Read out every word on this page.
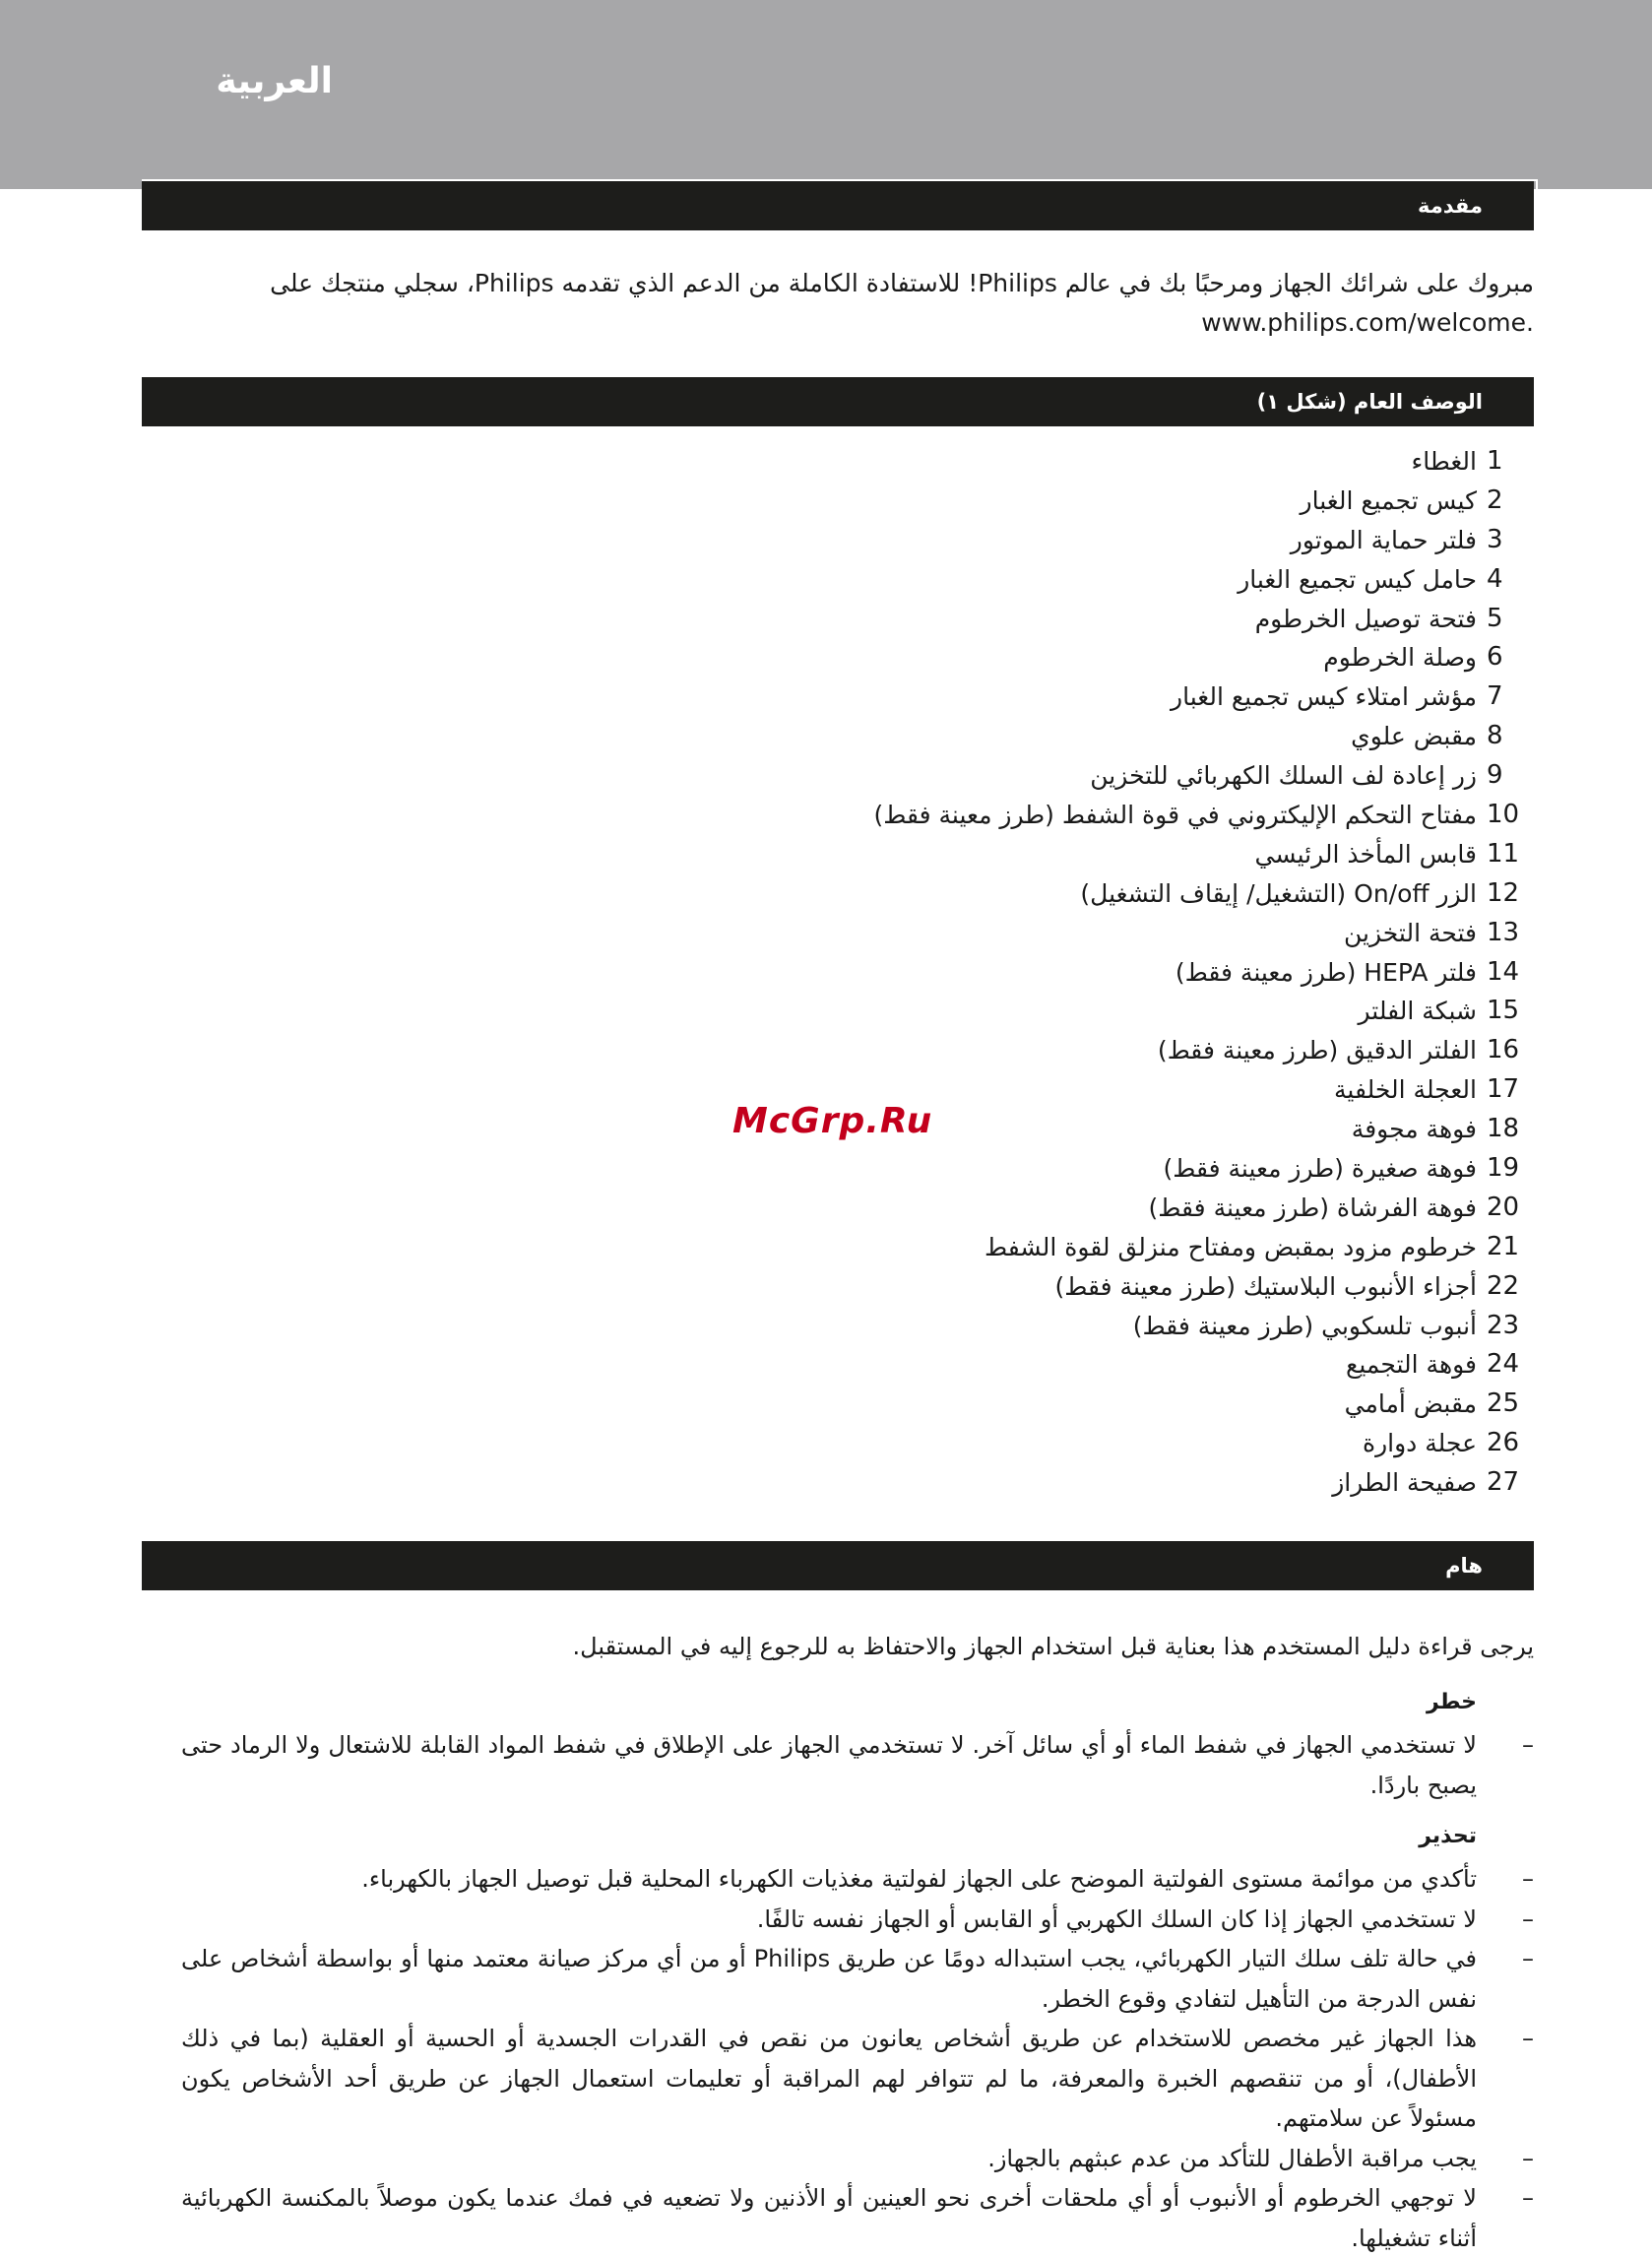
العربية
مقدمة
مبروك على شرائك الجهاز ومرحبًا بك في عالم Philips! للاستفادة الكاملة من الدعم الذي تقدمه Philips، سجلي منتجك على
.www.philips.com/welcome
الوصف العام (شكل ١)
1
الغطاء
2
كيس تجميع الغبار
3
فلتر حماية الموتور
4
حامل كيس تجميع الغبار
5
فتحة توصيل الخرطوم
6
وصلة الخرطوم
7
مؤشر امتلاء كيس تجميع الغبار
8
مقبض علوي
9
زر إعادة لف السلك الكهربائي للتخزين
10
مفتاح التحكم الإليكتروني في قوة الشفط (طرز معينة فقط)
11
قابس المأخذ الرئيسي
12
الزر On/off (التشغيل/ إيقاف التشغيل)
13
فتحة التخزين
14
فلتر HEPA (طرز معينة فقط)
15
شبكة الفلتر
16
الفلتر الدقيق (طرز معينة فقط)
17
العجلة الخلفية
18
فوهة مجوفة
19
فوهة صغيرة (طرز معينة فقط)
20
فوهة الفرشاة (طرز معينة فقط)
21
خرطوم مزود بمقبض ومفتاح منزلق لقوة الشفط
22
أجزاء الأنبوب البلاستيك (طرز معينة فقط)
23
أنبوب تلسكوبي (طرز معينة فقط)
24
فوهة التجميع
25
مقبض أمامي
26
عجلة دوارة
27
صفيحة الطراز
McGrp.Ru
هام
يرجى قراءة دليل المستخدم هذا بعناية قبل استخدام الجهاز والاحتفاظ به للرجوع إليه في المستقبل.
خطر
–
لا تستخدمي الجهاز في شفط الماء أو أي سائل آخر. لا تستخدمي الجهاز على الإطلاق في شفط المواد القابلة للاشتعال ولا الرماد حتى يصبح باردًا.
تحذير
–
تأكدي من موائمة مستوى الفولتية الموضح على الجهاز لفولتية مغذيات الكهرباء المحلية قبل توصيل الجهاز بالكهرباء.
–
لا تستخدمي الجهاز إذا كان السلك الكهربي أو القابس أو الجهاز نفسه تالفًا.
–
في حالة تلف سلك التيار الكهربائي، يجب استبداله دومًا عن طريق Philips أو من أي مركز صيانة معتمد منها أو بواسطة أشخاص على نفس الدرجة من التأهيل لتفادي وقوع الخطر.
–
هذا الجهاز غير مخصص للاستخدام عن طريق أشخاص يعانون من نقص في القدرات الجسدية أو الحسية أو العقلية (بما في ذلك الأطفال)، أو من تنقصهم الخبرة والمعرفة، ما لم تتوافر لهم المراقبة أو تعليمات استعمال الجهاز عن طريق أحد الأشخاص يكون مسئولاً عن سلامتهم.
–
يجب مراقبة الأطفال للتأكد من عدم عبثهم بالجهاز.
–
لا توجهي الخرطوم أو الأنبوب أو أي ملحقات أخرى نحو العينين أو الأذنين ولا تضعيه في فمك عندما يكون موصلاً بالمكنسة الكهربائية أثناء تشغيلها.
